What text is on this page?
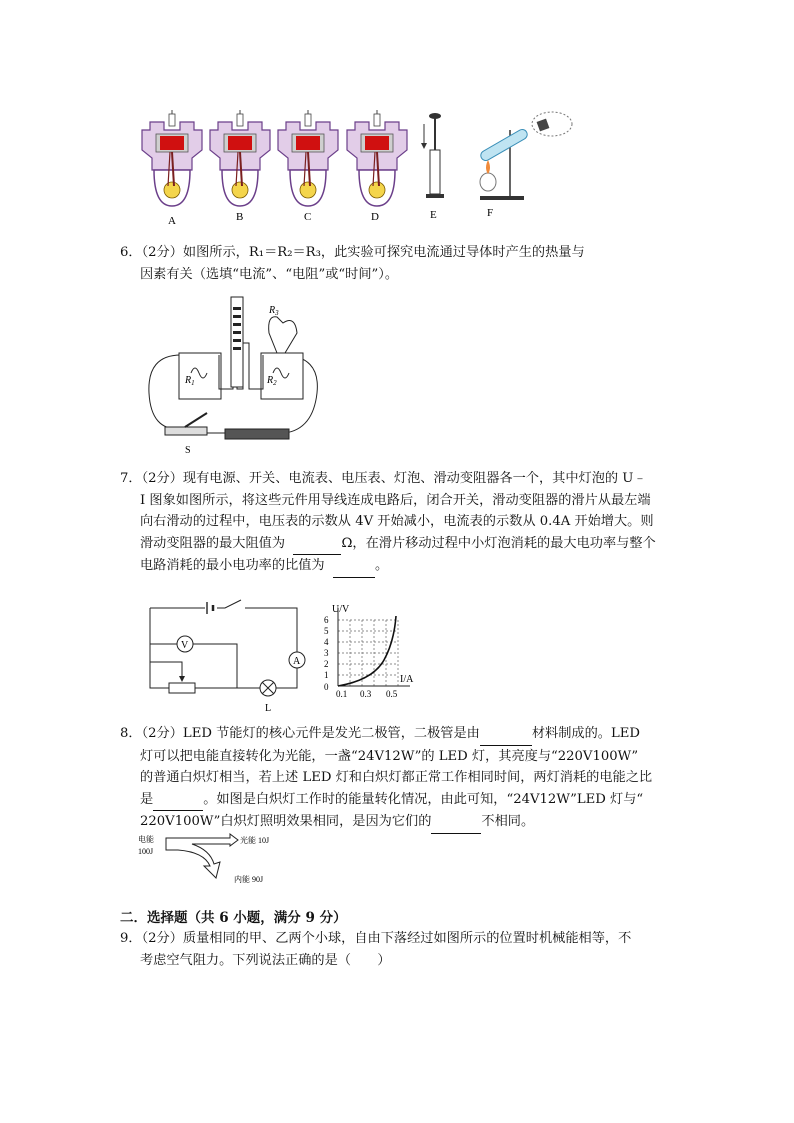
A	B	C	D	E	F

6．（2分）如图所示，R₁＝R₂＝R₃，此实验可探究电流通过导体时产生的热量与

因素有关（选填“电流”、“电阻”或“时间”）。

$R_1$	$R_2$
$R_3$
S

7．（2分）现有电源、开关、电流表、电压表、灯泡、滑动变阻器各一个，其中灯泡的 U﹣

I 图象如图所示，将这些元件用导线连成电路后，闭合开关，滑动变阻器的滑片从最左端

向右滑动的过程中，电压表的示数从 4V 开始减小，电流表的示数从 0.4A 开始增大。则

滑动变阻器的最大阻值为	Ω，在滑片移动过程中小灯泡消耗的最大电功率与整个

电路消耗的最小电功率的比值为	。

A
L
V
U/V
I/A
6
5
4
3
2
1
0
0.1 0.3 0.5

8．（2分）LED 节能灯的核心元件是发光二极管，二极管是由	材料制成的。LED

灯可以把电能直接转化为光能，一盏“24V12W”的 LED 灯，其亮度与“220V100W”

的普通白炽灯相当，若上述 LED 灯和白炽灯都正常工作相同时间，两灯消耗的电能之比

是	。如图是白炽灯工作时的能量转化情况，由此可知，“24V12W”LED 灯与“

220V100W”白炽灯照明效果相同，是因为它们的	不相同。

电能
100J
光能 10J
内能 90J
二．选择题（共 6 小题，满分 9 分）

9．（2分）质量相同的甲、乙两个小球，自由下落经过如图所示的位置时机械能相等，不

考虑空气阻力。下列说法正确的是（　　）
